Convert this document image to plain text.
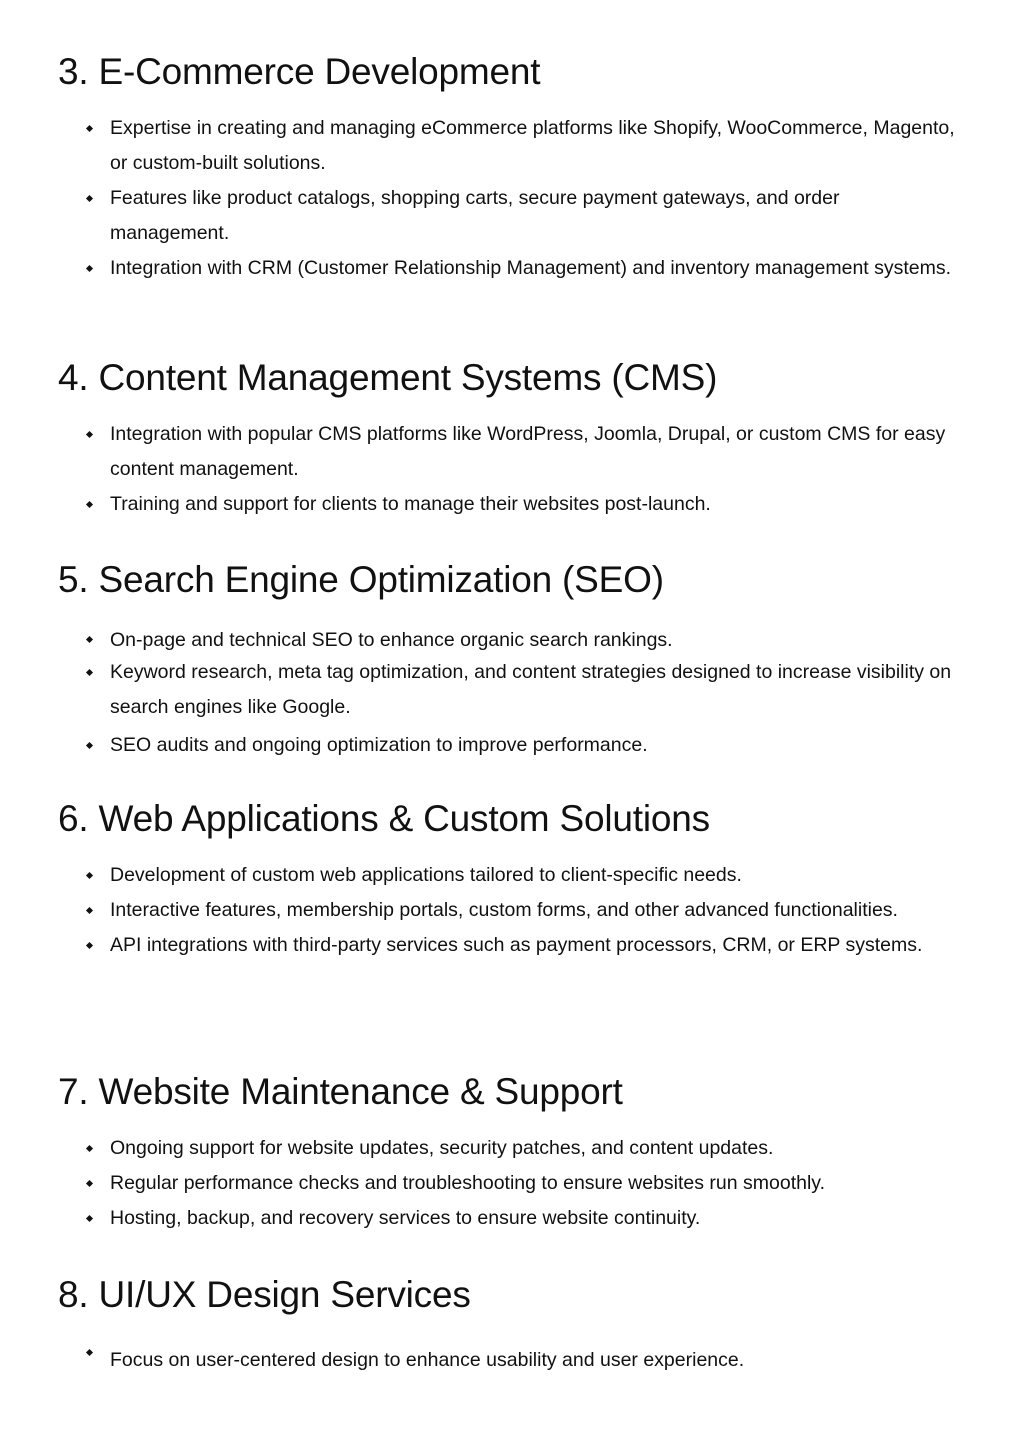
3. E-Commerce Development
Expertise in creating and managing eCommerce platforms like Shopify, WooCommerce, Magento, or custom-built solutions.
Features like product catalogs, shopping carts, secure payment gateways, and order management.
Integration with CRM (Customer Relationship Management) and inventory management systems.
4. Content Management Systems (CMS)
Integration with popular CMS platforms like WordPress, Joomla, Drupal, or custom CMS for easy content management.
Training and support for clients to manage their websites post-launch.
5. Search Engine Optimization (SEO)
On-page and technical SEO to enhance organic search rankings.
Keyword research, meta tag optimization, and content strategies designed to increase visibility on search engines like Google.
SEO audits and ongoing optimization to improve performance.
6. Web Applications & Custom Solutions
Development of custom web applications tailored to client-specific needs.
Interactive features, membership portals, custom forms, and other advanced functionalities.
API integrations with third-party services such as payment processors, CRM, or ERP systems.
7. Website Maintenance & Support
Ongoing support for website updates, security patches, and content updates.
Regular performance checks and troubleshooting to ensure websites run smoothly.
Hosting, backup, and recovery services to ensure website continuity.
8. UI/UX Design Services
Focus on user-centered design to enhance usability and user experience.
